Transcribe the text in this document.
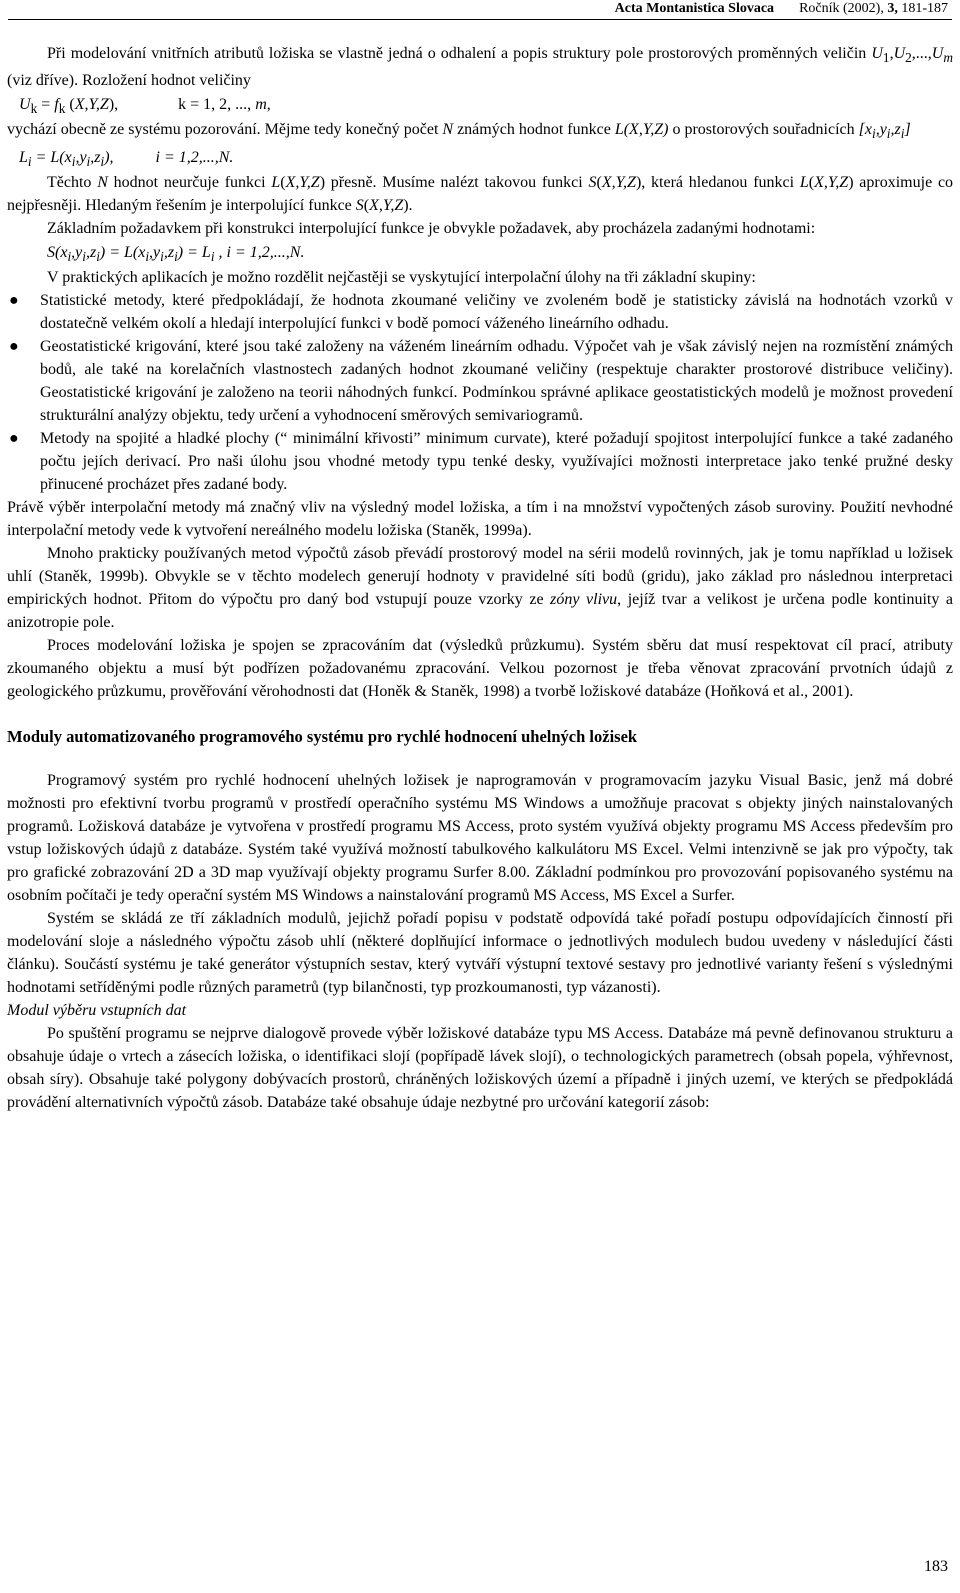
Acta Montanistica Slovaca Ročník (2002), 3, 181-187

Při modelování vnitřních atributů ložiska se vlastně jedná o odhalení a popis struktury pole prostorových proměnných veličin $U_1,U_2,...,U_m$ (viz dříve). Rozložení hodnot veličiny

$U_k = f_k$ (X,Y,Z),	k = 1, 2, ..., m,

vychází obecně ze systému pozorování. Mějme tedy konečný počet N známých hodnot funkce L(X,Y,Z) o prostorových souřadnicích $[x_i,y_i,z_i]$

$L_i = L(x_i,y_i,z_i)$,	i = 1,2,...,N.

Těchto N hodnot neurčuje funkci L(X,Y,Z) přesně. Musíme nalézt takovou funkci S(X,Y,Z), která hledanou funkci L(X,Y,Z) aproximuje co nejpřesněji. Hledaným řešením je interpolující funkce S(X,Y,Z).

Základním požadavkem při konstrukci interpolující funkce je obvykle požadavek, aby procházela zadanými hodnotami:

$S(x_i,y_i,z_i) = L(x_i,y_i,z_i) = L_i$ , i = 1,2,...,N.

V praktických aplikacích je možno rozdělit nejčastěji se vyskytující interpolační úlohy na tři základní skupiny:

● Statistické metody, které předpokládají, že hodnota zkoumané veličiny ve zvoleném bodě je statisticky závislá na hodnotách vzorků v dostatečně velkém okolí a hledají interpolující funkci v bodě pomocí váženého lineárního odhadu.
● Geostatistické krigování, které jsou také založeny na váženém lineárním odhadu. Výpočet vah je však závislý nejen na rozmístění známých bodů, ale také na korelačních vlastnostech zadaných hodnot zkoumané veličiny (respektuje charakter prostorové distribuce veličiny). Geostatistické krigování je založeno na teorii náhodných funkcí. Podmínkou správné aplikace geostatistických modelů je možnost provedení strukturální analýzy objektu, tedy určení a vyhodnocení směrových semivariogramů.
● Metody na spojité a hladké plochy (“ minimální křivosti” minimum curvate), které požadují spojitost interpolující funkce a také zadaného počtu jejích derivací. Pro naši úlohu jsou vhodné metody typu tenké desky, využívajíci možnosti interpretace jako tenké pružné desky přinucené procházet přes zadané body.

Právě výběr interpolační metody má značný vliv na výsledný model ložiska, a tím i na množství vypočtených zásob suroviny. Použití nevhodné interpolační metody vede k vytvoření nereálného modelu ložiska (Staněk, 1999a).

Mnoho prakticky používaných metod výpočtů zásob převádí prostorový model na sérii modelů rovinných, jak je tomu například u ložisek uhlí (Staněk, 1999b). Obvykle se v těchto modelech generují hodnoty v pravidelné síti bodů (gridu), jako základ pro následnou interpretaci empirických hodnot. Přitom do výpočtu pro daný bod vstupují pouze vzorky ze zóny vlivu, jejíž tvar a velikost je určena podle kontinuity a anizotropie pole.

Proces modelování ložiska je spojen se zpracováním dat (výsledků průzkumu). Systém sběru dat musí respektovat cíl prací, atributy zkoumaného objektu a musí být podřízen požadovanému zpracování. Velkou pozornost je třeba věnovat zpracování prvotních údajů z geologického průzkumu, prověřování věrohodnosti dat (Honěk & Staněk, 1998) a tvorbě ložiskové databáze (Hoňková et al., 2001).

Moduly automatizovaného programového systému pro rychlé hodnocení uhelných ložisek

Programový systém pro rychlé hodnocení uhelných ložisek je naprogramován v programovacím jazyku Visual Basic, jenž má dobré možnosti pro efektivní tvorbu programů v prostředí operačního systému MS Windows a umožňuje pracovat s objekty jiných nainstalovaných programů. Ložisková databáze je vytvořena v prostředí programu MS Access, proto systém využívá objekty programu MS Access především pro vstup ložiskových údajů z databáze. Systém také využívá možností tabulkového kalkulátoru MS Excel. Velmi intenzivně se jak pro výpočty, tak pro grafické zobrazování 2D a 3D map využívají objekty programu Surfer 8.00. Základní podmínkou pro provozování popisovaného systému na osobním počítači je tedy operační systém MS Windows a nainstalování programů MS Access, MS Excel a Surfer.

Systém se skládá ze tří základních modulů, jejichž pořadí popisu v podstatě odpovídá také pořadí postupu odpovídajících činností při modelování sloje a následného výpočtu zásob uhlí (některé doplňující informace o jednotlivých modulech budou uvedeny v následující části článku). Součástí systému je také generátor výstupních sestav, který vytváří výstupní textové sestavy pro jednotlivé varianty řešení s výslednými hodnotami setříděnými podle různých parametrů (typ bilančnosti, typ prozkoumanosti, typ vázanosti).

Modul výběru vstupních dat

Po spuštění programu se nejprve dialogově provede výběr ložiskové databáze typu MS Access. Databáze má pevně definovanou strukturu a obsahuje údaje o vrtech a zásecích ložiska, o identifikaci slojí (popřípadě lávek slojí), o technologických parametrech (obsah popela, výhřevnost, obsah síry). Obsahuje také polygony dobývacích prostorů, chráněných ložiskových území a případně i jiných uzemí, ve kterých se předpokládá provádění alternativních výpočtů zásob. Databáze také obsahuje údaje nezbytné pro určování kategorií zásob:

183
